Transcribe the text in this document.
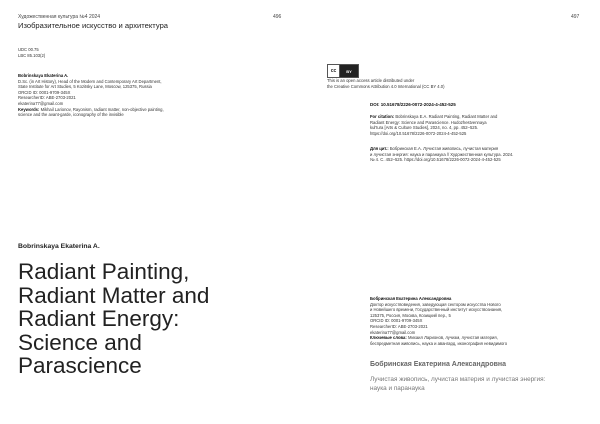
Художественная культура №4 2024
Изобразительное искусство и архитектура
496	497
UDC 00.75
LBC 85.103(2)
Bobrinskaya Ekaterina A.
D.Sc. (in Art History), Head of the Modern and Contemporary Art Department,
State Institute for Art Studies, 5 Kozitsky Lane, Moscow, 125375, Russia
ORCID ID: 0001-9709-345X
ResearcherID: ABE-2703-2021
ekaterina77@gmail.com
Keywords: Mikhail Larionov, Rayonism, radiant matter, non-objective painting,
science and the avant-garde, iconography of the invisible
cc	BY
This is an open access article distributed under
the Creative Commons Attribution 4.0 International (CC BY 4.0)
DOI: 10.51678/2226-0072-2024-4-452-525
For citation: Bobrinskaya E.A. Radiant Painting, Radiant Matter and
Radiant Energy: Science and Parascience. Hudozhestvennaya
kul'tura [Arts & Culture Studies], 2024, no. 4, pp. 452–525.
https://doi.org/10.51678/2226-0072-2024-4-452-525
Для цит.: Бобринская Е.А. Лучистая живопись, лучистая материя
и лучистая энергия: наука и паранаука // Художественная культура. 2024.
№ 4. С. 452–525. https://doi.org/10.51678/2226-0072-2024-4-452-525
Bobrinskaya Ekaterina A.
Radiant Painting,
Radiant Matter and
Radiant Energy:
Science and
Parascience
Бобринская Екатерина Александровна
Доктор искусствоведения, заведующая сектором искусства Нового
и Новейшего времени, Государственный институт искусствознания,
125375, Россия, Москва, Козицкий пер., 5
ORCID ID: 0001-9709-345X
ResearcherID: ABE-2703-2021
ekaterina77@gmail.com
Ключевые слова: Михаил Ларионов, лучизм, лучистая материя,
беспредметная живопись, наука и авангард, иконография невидимого
Бобринская Екатерина Александровна
Лучистая живопись, лучистая материя и лучистая энергия:
наука и паранаука
